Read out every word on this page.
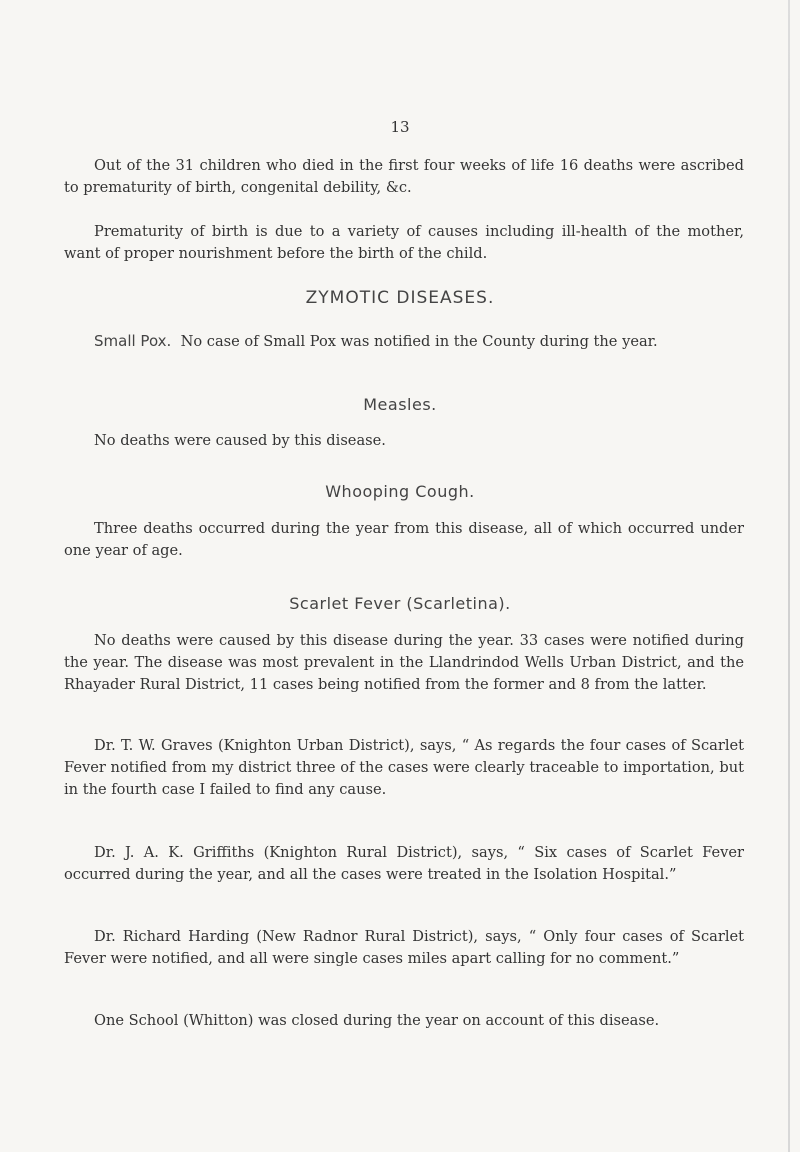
13

Out of the 31 children who died in the first four weeks of life 16 deaths were ascribed to prematurity of birth, congenital debility, &c.

Prematurity of birth is due to a variety of causes including ill-health of the mother, want of proper nourishment before the birth of the child.

ZYMOTIC DISEASES.

Small Pox. No case of Small Pox was notified in the County during the year.

Measles.

No deaths were caused by this disease.

Whooping Cough.

Three deaths occurred during the year from this disease, all of which occurred under one year of age.

Scarlet Fever (Scarletina).

No deaths were caused by this disease during the year. 33 cases were notified during the year. The disease was most prevalent in the Llandrindod Wells Urban District, and the Rhayader Rural District, 11 cases being notified from the former and 8 from the latter.

Dr. T. W. Graves (Knighton Urban District), says, “ As regards the four cases of Scarlet Fever notified from my district three of the cases were clearly traceable to importation, but in the fourth case I failed to find any cause.

Dr. J. A. K. Griffiths (Knighton Rural District), says, “ Six cases of Scarlet Fever occurred during the year, and all the cases were treated in the Isolation Hospital.”

Dr. Richard Harding (New Radnor Rural District), says, “ Only four cases of Scarlet Fever were notified, and all were single cases miles apart calling for no comment.”

One School (Whitton) was closed during the year on account of this disease.
